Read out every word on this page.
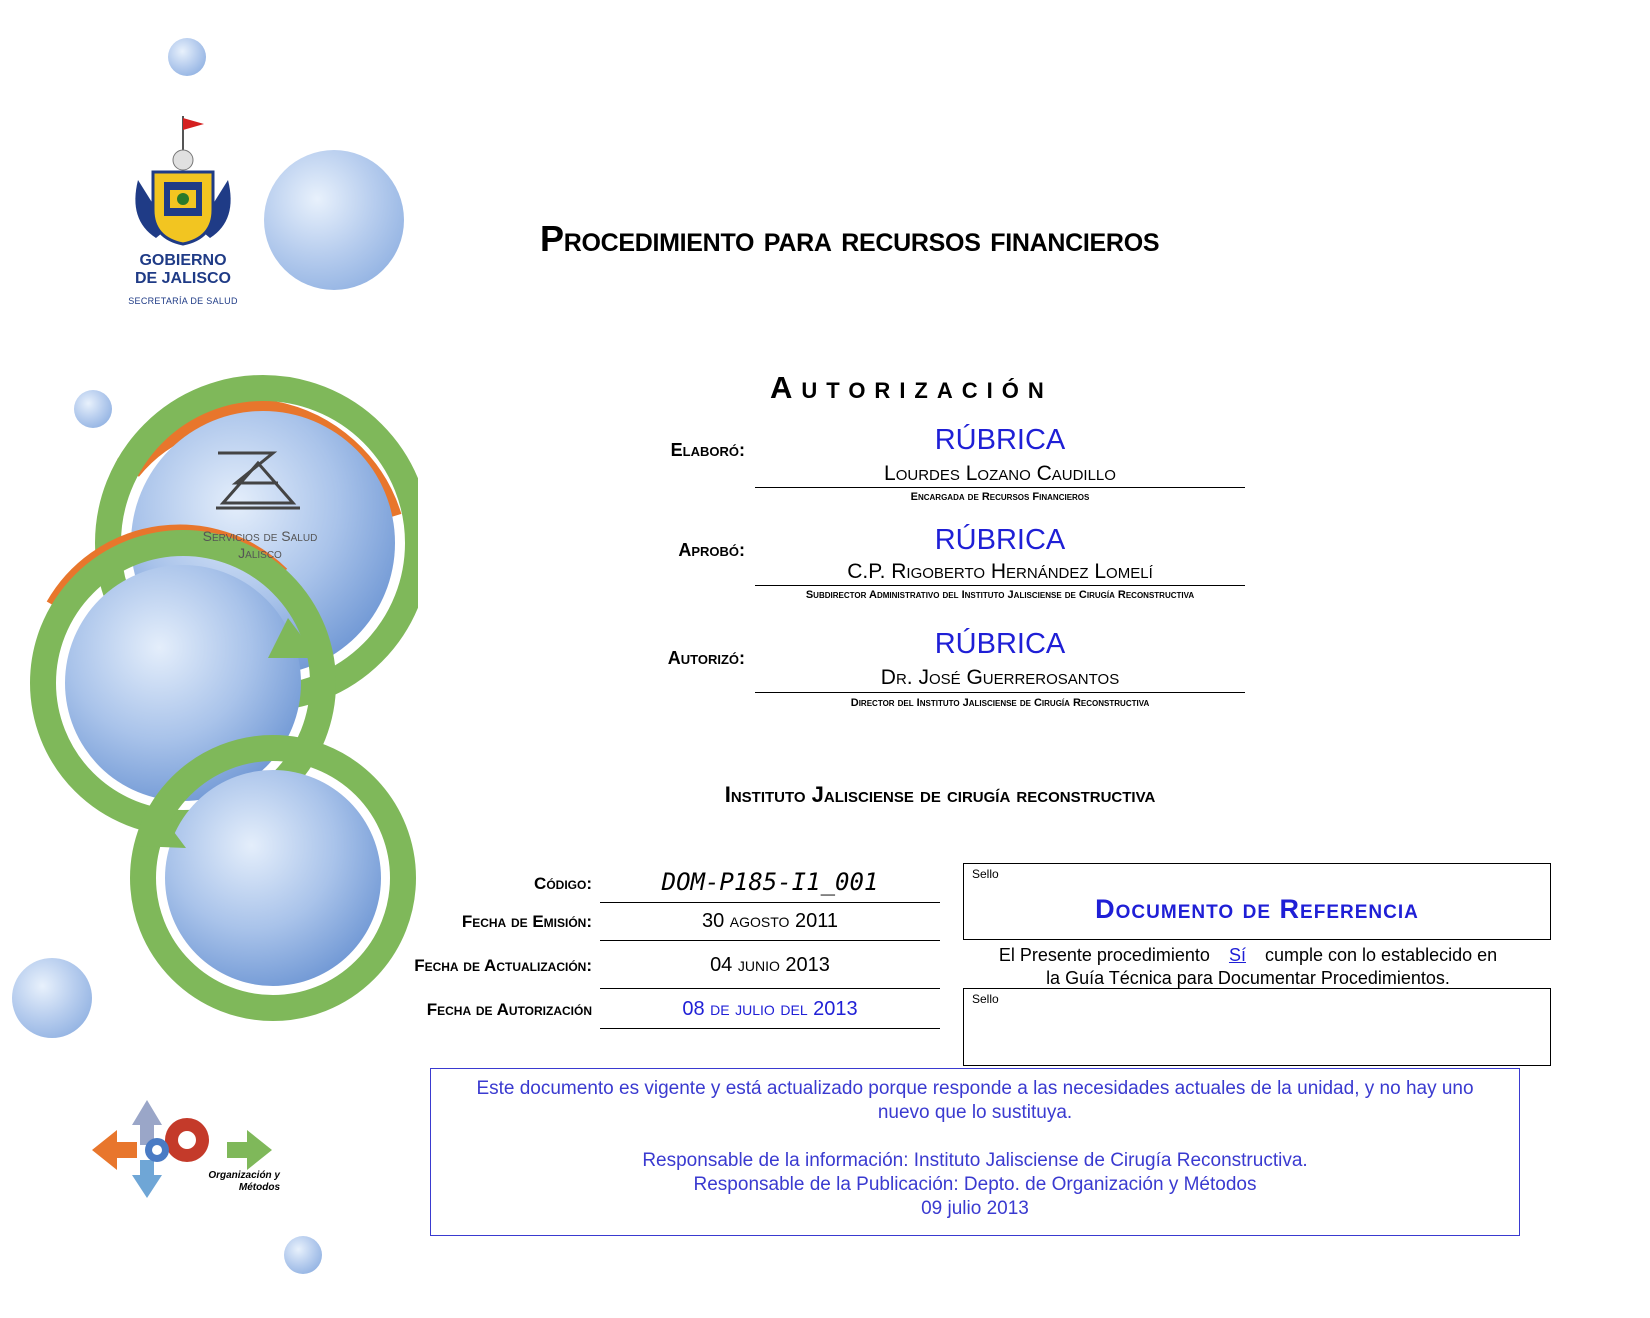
GOBIERNO
DE JALISCO
SECRETARÍA DE SALUD
Procedimiento para recursos financieros
Servicios de Salud
Jalisco
Organización y
Métodos
Autorización
Elaboró:	RÚBRICA
Lourdes Lozano Caudillo
Encargada de Recursos Financieros
Aprobó:	RÚBRICA
C.P. Rigoberto Hernández Lomelí
Subdirector Administrativo del Instituto Jalisciense de Cirugía Reconstructiva
Autorizó:	RÚBRICA
Dr. José Guerrerosantos
Director del Instituto Jalisciense de Cirugía Reconstructiva
Instituto Jalisciense de cirugía reconstructiva
Código:	DOM-P185-I1_001
Fecha de Emisión:	30 agosto 2011
Fecha de Actualización:	04 junio 2013
Fecha de Autorización	08 de julio del 2013
Sello
Documento de Referencia
El Presente procedimiento Sí cumple con lo establecido en
la Guía Técnica para Documentar Procedimientos.
Sello

Este documento es vigente y está actualizado porque responde a las necesidades actuales de la unidad, y no hay uno nuevo que lo sustituya.

Responsable de la información: Instituto Jalisciense de Cirugía Reconstructiva.

Responsable de la Publicación: Depto. de Organización y Métodos

09 julio 2013
